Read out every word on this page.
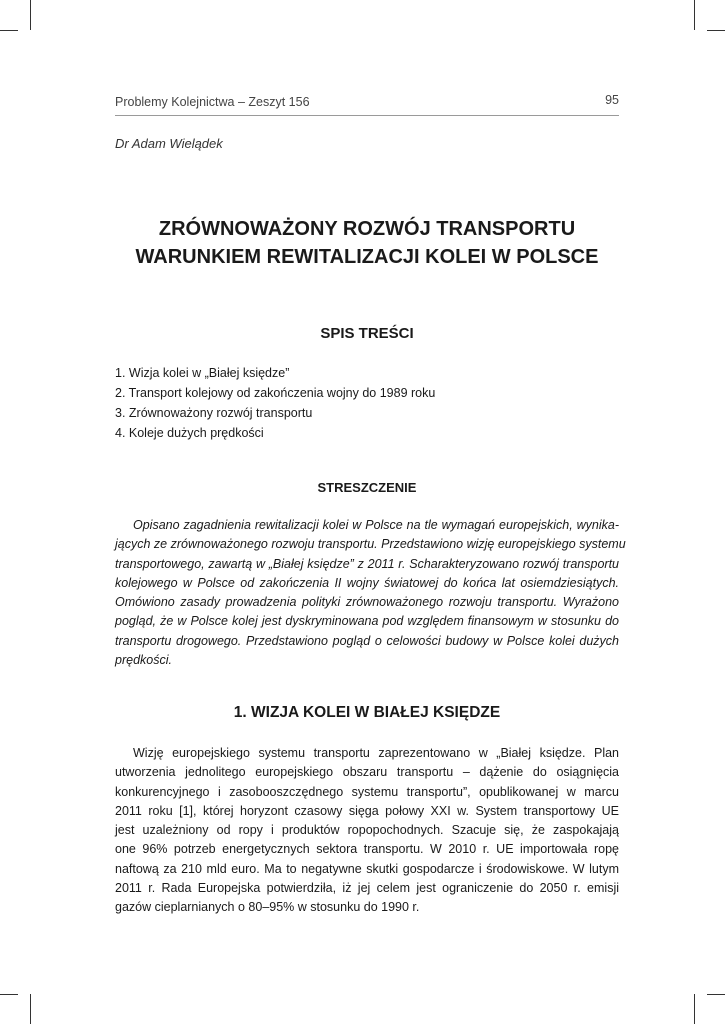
Problemy Kolejnictwa – Zeszyt 156	95
Dr Adam Wielądek
ZRÓWNOWAŻONY ROZWÓJ TRANSPORTU
WARUNKIEM REWITALIZACJI KOLEI W POLSCE
SPIS TREŚCI
1. Wizja kolei w „Białej księdze”
2. Transport kolejowy od zakończenia wojny do 1989 roku
3. Zrównoważony rozwój transportu
4. Koleje dużych prędkości
STRESZCZENIE
Opisano zagadnienia rewitalizacji kolei w Polsce na tle wymagań europejskich, wynika-
jących ze zrównoważonego rozwoju transportu. Przedstawiono wizję europejskiego systemu
transportowego, zawartą w „Białej księdze” z 2011 r. Scharakteryzowano rozwój transportu
kolejowego w Polsce od zakończenia II wojny światowej do końca lat osiemdziesiątych.
Omówiono zasady prowadzenia polityki zrównoważonego rozwoju transportu. Wyrażono
pogląd, że w Polsce kolej jest dyskryminowana pod względem finansowym w stosunku do
transportu drogowego. Przedstawiono pogląd o celowości budowy w Polsce kolei dużych
prędkości.
1. WIZJA KOLEI W BIAŁEJ KSIĘDZE
Wizję europejskiego systemu transportu zaprezentowano w „Białej księdze. Plan
utworzenia jednolitego europejskiego obszaru transportu – dążenie do osiągnięcia
konkurencyjnego i zasobooszczędnego systemu transportu”, opublikowanej w marcu
2011 roku [1], której horyzont czasowy sięga połowy XXI w. System transportowy UE
jest uzależniony od ropy i produktów ropopochodnych. Szacuje się, że zaspokajają
one 96% potrzeb energetycznych sektora transportu. W 2010 r. UE importowała ropę
naftową za 210 mld euro. Ma to negatywne skutki gospodarcze i środowiskowe. W lutym
2011 r. Rada Europejska potwierdziła, iż jej celem jest ograniczenie do 2050 r. emisji
gazów cieplarnianych o 80–95% w stosunku do 1990 r.
